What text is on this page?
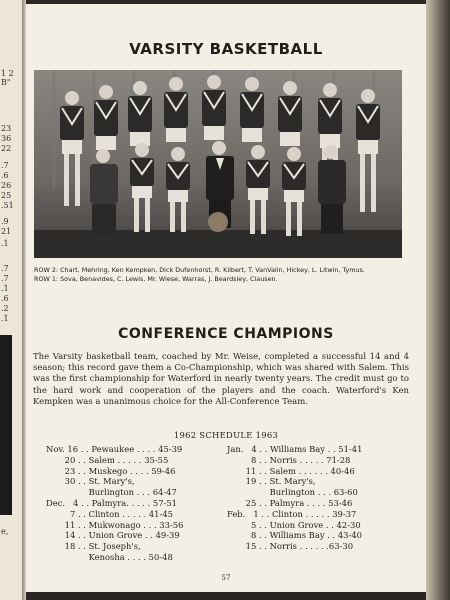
1 2
B"
23
36
22
.7
.6
26
25
.51
.9
21
.1
.7
.7
.1
.6
.2
.1
e,
VARSITY BASKETBALL
ROW 2: Chart, Mehring, Ken Kempken, Dick Dufenhorst, R. Kilbert, T. VanValin, Hickey, L. Litwin, Tymus.
ROW 1: Sova, Benavides, C. Lewis, Mr. Wiese, Warras, J. Beardsley, Clausen.
CONFERENCE CHAMPIONS
The Varsity basketball team, coached by Mr. Weise, completed a successful 14 and 4 season; this record gave them a Co-Championship, which was shared with Salem. This was the first championship for Waterford in nearly twenty years. The credit must go to the hard work and cooperation of the players and the coach. Waterford's Ken Kempken was a unanimous choice for the All-Conference Team.
1962 SCHEDULE 1963
Nov. 16 . . Pewaukee . . . . 45-39
20 . . Salem . . . . . 35-55
23 . . Muskego . . . . 59-46
30 . . St. Mary's,
Burlington . . . 64-47
Dec.   4 . . Palmyra. . . . . 57-51
7 . . Clinton . . . . . 41-45
11 . . Mukwonago . . . 33-56
14 . . Union Grove . . 49-39
18 . . St. Joseph's,
Kenosha . . . . 50-48
Jan.   4 . . Williams Bay . . 51-41
8 . . Norris . . . . . 71-28
11 . . Salem . . . . . . 40-46
19 . . St. Mary's,
Burlington . . . 63-60
25 . . Palmyra . . . . 53-46
Feb.   1 . . Clinton . . . . . 39-37
5 . . Union Grove . . 42-30
8 . . Williams Bay . . 43-40
15 . . Norris . . . . . .63-30
57
